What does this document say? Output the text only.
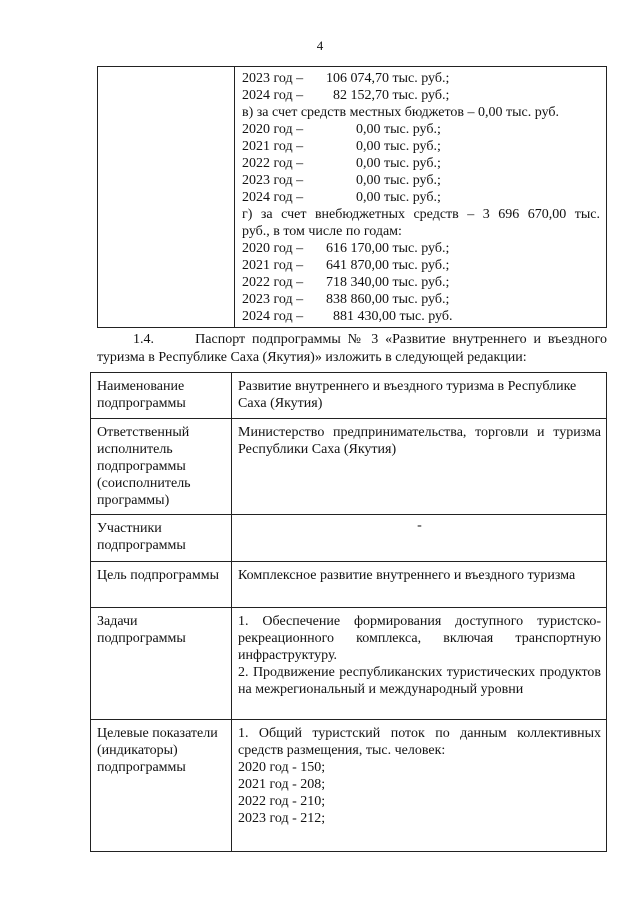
4
2023 год – 106 074,70 тыс. руб.;
2024 год – 82 152,70 тыс. руб.;
в) за счет средств местных бюджетов – 0,00 тыс. руб.
2020 год –	0,00 тыс. руб.;
2021 год –	0,00 тыс. руб.;
2022 год –	0,00 тыс. руб.;
2023 год –	0,00 тыс. руб.;
2024 год –	0,00 тыс. руб.;
г) за счет внебюджетных средств – 3 696 670,00 тыс.
руб., в том числе по годам:
2020 год – 616 170,00 тыс. руб.;
2021 год – 641 870,00 тыс. руб.;
2022 год – 718 340,00 тыс. руб.;
2023 год – 838 860,00 тыс. руб.;
2024 год – 881 430,00 тыс. руб.
1.4.      Паспорт подпрограммы № 3 «Развитие внутреннего и въездного
туризма в Республике Саха (Якутия)» изложить в следующей редакции:
Наименование подпрограммы	Развитие внутреннего и въездного туризма в Республике Саха (Якутия)
Ответственный исполнитель подпрограммы (соисполнитель программы)	Министерство предпринимательства, торговли и туризма Республики Саха (Якутия)
Участники подпрограммы	-
Цель подпрограммы	Комплексное развитие внутреннего и въездного туризма
Задачи подпрограммы	1. Обеспечение формирования доступного туристско-рекреационного комплекса, включая транспортную инфраструктуру.
2. Продвижение республиканских туристических продуктов на межрегиональный и международный уровни

Целевые показатели (индикаторы) подпрограммы	1. Общий туристский поток по данным коллективных средств размещения, тыс. человек:
2020 год - 150;
2021 год - 208;
2022 год - 210;
2023 год - 212;
